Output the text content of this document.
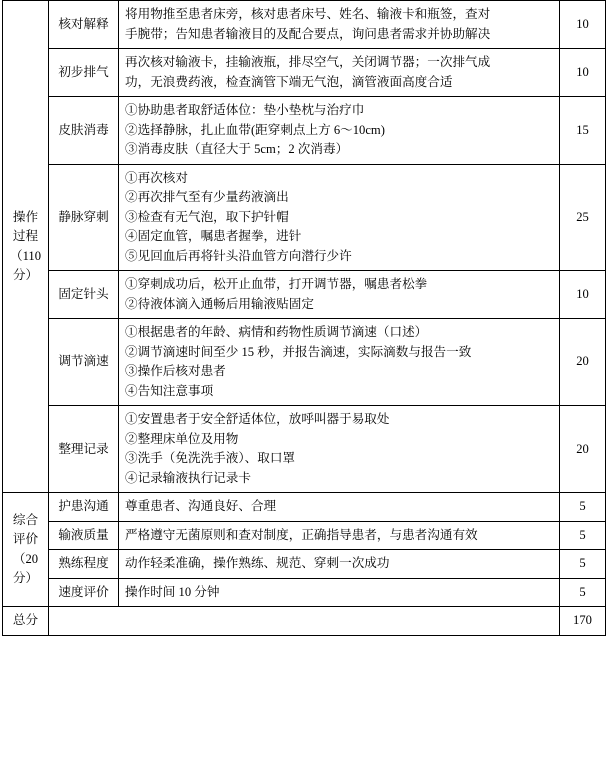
操作
过程
（110
分）
	核对解释	
将用物推至患者床旁，核对患者床号、姓名、输液卡和瓶签，查对
手腕带；告知患者输液目的及配合要点，询问患者需求并协助解决
	10
	初步排气	再次核对输液卡，挂输液瓶，排尽空气，关闭调节器；一次排气成
功，无浪费药液，检查滴管下端无气泡，滴管液面高度合适	10
	皮肤消毒	①协助患者取舒适体位：垫小垫枕与治疗巾
②选择静脉，扎止血带(距穿刺点上方 6～10cm)
③消毒皮肤（直径大于 5cm；2 次消毒）	15
	静脉穿刺	①再次核对
②再次排气至有少量药液滴出
③检查有无气泡，取下护针帽
④固定血管，嘱患者握拳，进针
⑤见回血后再将针头沿血管方向潜行少许	25
	固定针头	①穿刺成功后，松开止血带，打开调节器，嘱患者松拳
②待液体滴入通畅后用输液贴固定	10
	调节滴速	①根据患者的年龄、病情和药物性质调节滴速（口述）
②调节滴速时间至少 15 秒，并报告滴速，实际滴数与报告一致
③操作后核对患者
④告知注意事项	20
	整理记录	①安置患者于安全舒适体位，放呼叫器于易取处
②整理床单位及用物
③洗手（免洗洗手液）、取口罩
④记录输液执行记录卡	20

综合
评价
（20
分）	护患沟通	尊重患者、沟通良好、合理	5
	输液质量	严格遵守无菌原则和查对制度，正确指导患者，与患者沟通有效	5
	熟练程度	动作轻柔准确，操作熟练、规范、穿刺一次成功	5
	速度评价	操作时间 10 分钟	5
总分			170
